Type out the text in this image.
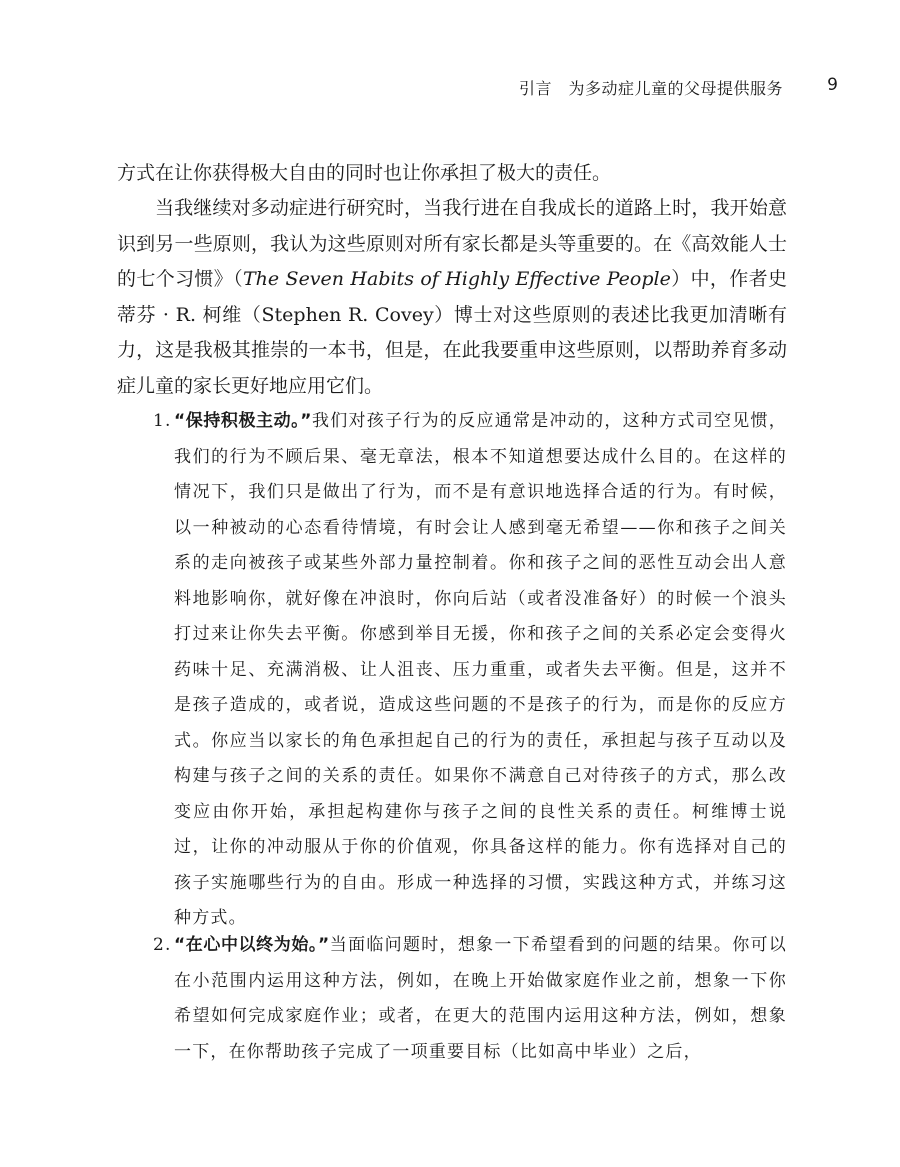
引言　为多动症儿童的父母提供服务	9

方式在让你获得极大自由的同时也让你承担了极大的责任。

当我继续对多动症进行研究时，当我行进在自我成长的道路上时，我开始意识到另一些原则，我认为这些原则对所有家长都是头等重要的。在《高效能人士的七个习惯》（The Seven Habits of Highly Effective People）中，作者史蒂芬 · R. 柯维（Stephen R. Covey）博士对这些原则的表述比我更加清晰有力，这是我极其推崇的一本书，但是，在此我要重申这些原则，以帮助养育多动症儿童的家长更好地应用它们。

1. “保持积极主动。”我们对孩子行为的反应通常是冲动的，这种方式司空见惯，我们的行为不顾后果、毫无章法，根本不知道想要达成什么目的。在这样的情况下，我们只是做出了行为，而不是有意识地选择合适的行为。有时候，以一种被动的心态看待情境，有时会让人感到毫无希望——你和孩子之间关系的走向被孩子或某些外部力量控制着。你和孩子之间的恶性互动会出人意料地影响你，就好像在冲浪时，你向后站（或者没准备好）的时候一个浪头打过来让你失去平衡。你感到举目无援，你和孩子之间的关系必定会变得火药味十足、充满消极、让人沮丧、压力重重，或者失去平衡。但是，这并不是孩子造成的，或者说，造成这些问题的不是孩子的行为，而是你的反应方式。你应当以家长的角色承担起自己的行为的责任，承担起与孩子互动以及构建与孩子之间的关系的责任。如果你不满意自己对待孩子的方式，那么改变应由你开始，承担起构建你与孩子之间的良性关系的责任。柯维博士说过，让你的冲动服从于你的价值观，你具备这样的能力。你有选择对自己的孩子实施哪些行为的自由。形成一种选择的习惯，实践这种方式，并练习这种方式。
2. “在心中以终为始。”当面临问题时，想象一下希望看到的问题的结果。你可以在小范围内运用这种方法，例如，在晚上开始做家庭作业之前，想象一下你希望如何完成家庭作业；或者，在更大的范围内运用这种方法，例如，想象一下，在你帮助孩子完成了一项重要目标（比如高中毕业）之后，
